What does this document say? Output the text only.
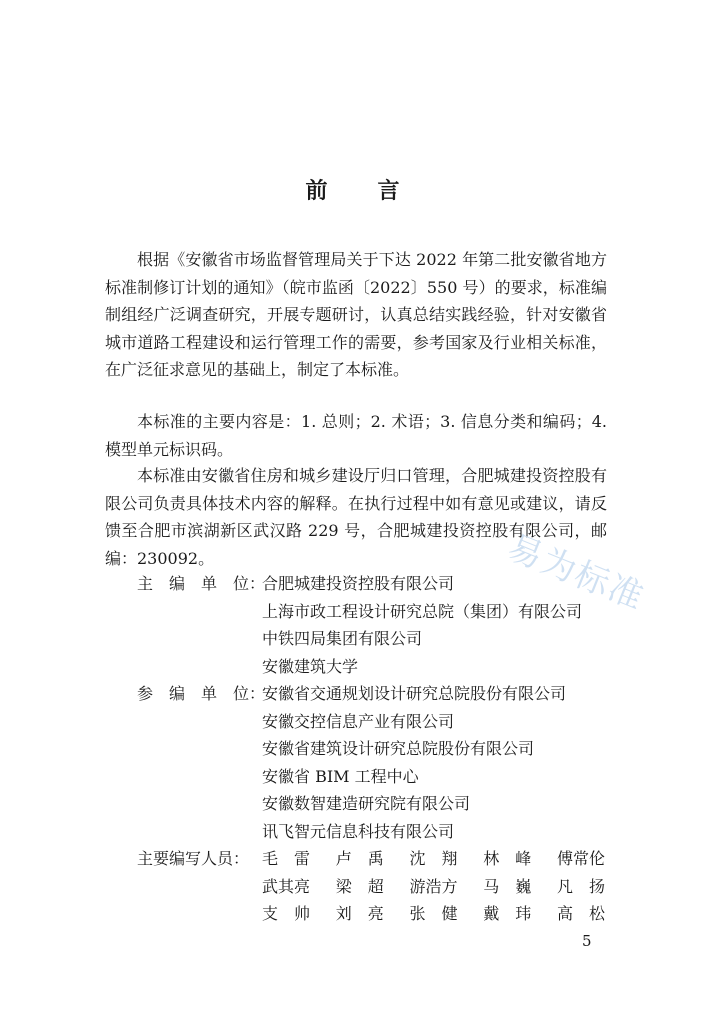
前 言

根据《安徽省市场监督管理局关于下达 2022 年第二批安徽省地方标准制修订计划的通知》（皖市监函〔2022〕550 号）的要求，标准编制组经广泛调查研究，开展专题研讨，认真总结实践经验，针对安徽省城市道路工程建设和运行管理工作的需要，参考国家及行业相关标准，在广泛征求意见的基础上，制定了本标准。

本标准的主要内容是：1. 总则；2. 术语；3. 信息分类和编码；4. 模型单元标识码。

本标准由安徽省住房和城乡建设厅归口管理，合肥城建投资控股有限公司负责具体技术内容的解释。在执行过程中如有意见或建议，请反馈至合肥市滨湖新区武汉路 229 号，合肥城建投资控股有限公司，邮编：230092。

主　编　单　位：
合肥城建投资控股有限公司
上海市政工程设计研究总院（集团）有限公司
中铁四局集团有限公司
安徽建筑大学
参　编　单　位：
安徽省交通规划设计研究总院股份有限公司
安徽交控信息产业有限公司
安徽省建筑设计研究总院股份有限公司
安徽省 BIM 工程中心
安徽数智建造研究院有限公司
讯飞智元信息科技有限公司
主要编写人员： 毛　雷 卢　禹 沈　翔 林　峰 傅常伦
武其亮 梁　超 游浩方 马　巍 凡　扬
支　帅 刘　亮 张　健 戴　玮 高　松
5
易为标准
